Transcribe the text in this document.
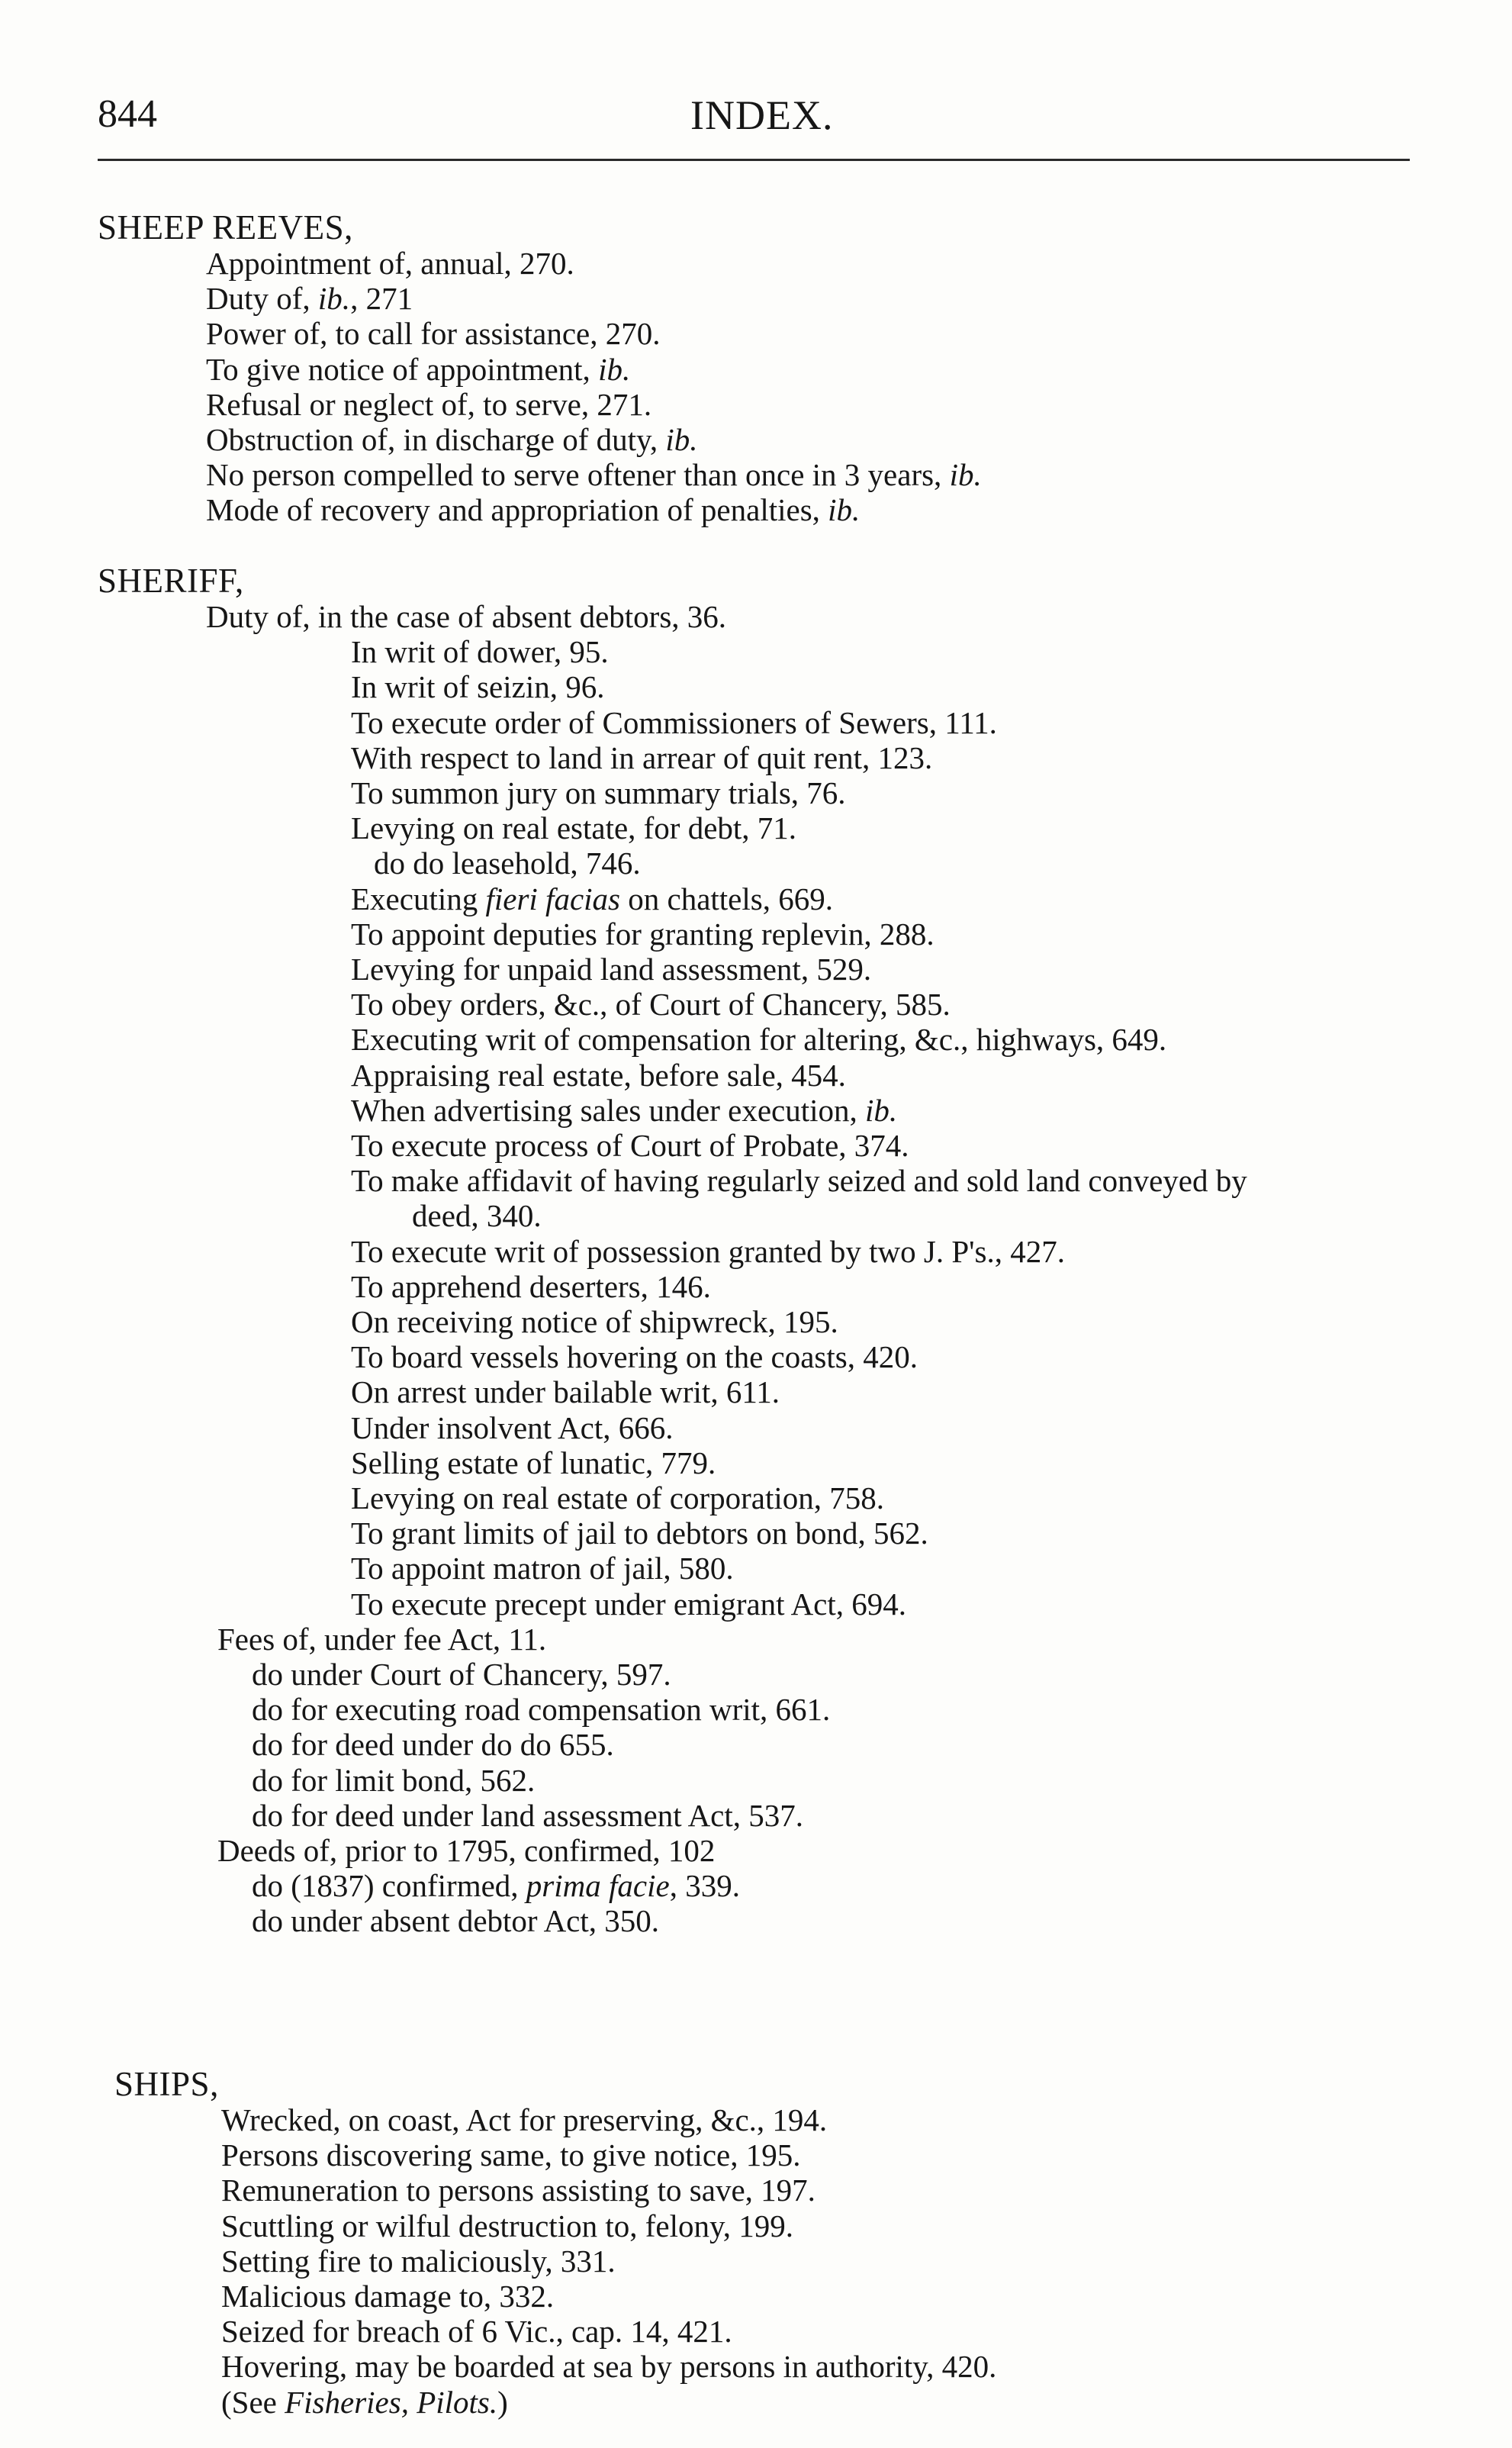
844	INDEX.
SHEEP REEVES,
Appointment of, annual, 270.
Duty of, ib., 271
Power of, to call for assistance, 270.
To give notice of appointment, ib.
Refusal or neglect of, to serve, 271.
Obstruction of, in discharge of duty, ib.
No person compelled to serve oftener than once in 3 years, ib.
Mode of recovery and appropriation of penalties, ib.
SHERIFF,
Duty of, in the case of absent debtors, 36.
In writ of dower, 95.
In writ of seizin, 96.
To execute order of Commissioners of Sewers, 111.
With respect to land in arrear of quit rent, 123.
To summon jury on summary trials, 76.
Levying on real estate, for debt, 71.
do do leasehold, 746.
Executing fieri facias on chattels, 669.
To appoint deputies for granting replevin, 288.
Levying for unpaid land assessment, 529.
To obey orders, &c., of Court of Chancery, 585.
Executing writ of compensation for altering, &c., highways, 649.
Appraising real estate, before sale, 454.
When advertising sales under execution, ib.
To execute process of Court of Probate, 374.
To make affidavit of having regularly seized and sold land conveyed by
deed, 340.
To execute writ of possession granted by two J. P's., 427.
To apprehend deserters, 146.
On receiving notice of shipwreck, 195.
To board vessels hovering on the coasts, 420.
On arrest under bailable writ, 611.
Under insolvent Act, 666.
Selling estate of lunatic, 779.
Levying on real estate of corporation, 758.
To grant limits of jail to debtors on bond, 562.
To appoint matron of jail, 580.
To execute precept under emigrant Act, 694.
Fees of, under fee Act, 11.
do under Court of Chancery, 597.
do for executing road compensation writ, 661.
do for deed under do do 655.
do for limit bond, 562.
do for deed under land assessment Act, 537.
Deeds of, prior to 1795, confirmed, 102
do (1837) confirmed, prima facie, 339.
do under absent debtor Act, 350.
SHIPS,
Wrecked, on coast, Act for preserving, &c., 194.
Persons discovering same, to give notice, 195.
Remuneration to persons assisting to save, 197.
Scuttling or wilful destruction to, felony, 199.
Setting fire to maliciously, 331.
Malicious damage to, 332.
Seized for breach of 6 Vic., cap. 14, 421.
Hovering, may be boarded at sea by persons in authority, 420.
(See Fisheries, Pilots.)
